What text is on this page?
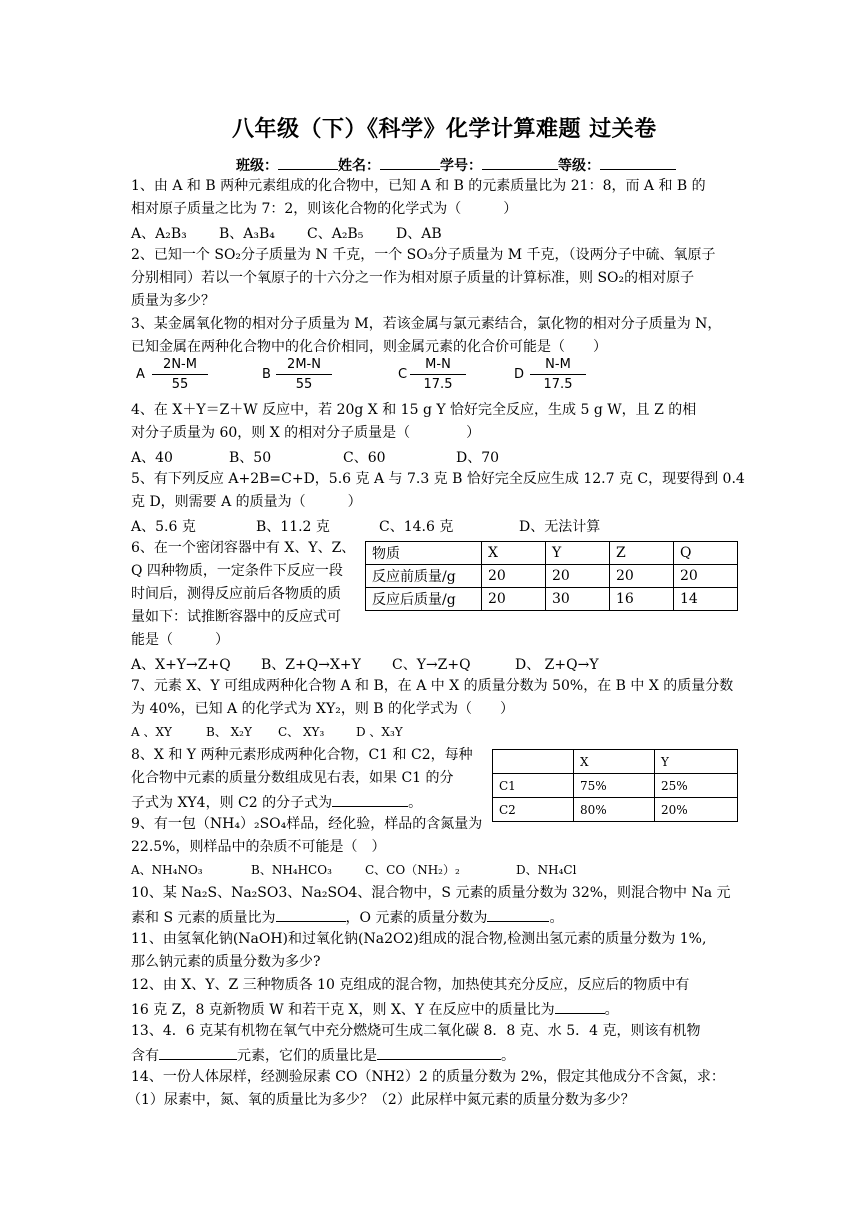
八年级（下）《科学》化学计算难题 过关卷
班级：	姓名：	学号：	等级：
1、由 A 和 B 两种元素组成的化合物中，已知 A 和 B 的元素质量比为 21：8，而 A 和 B 的
相对原子质量之比为 7：2，则该化合物的化学式为（　　　）
A、A₂B₃ B、A₃B₄ C、A₂B₅ D、AB
2、已知一个 SO₂分子质量为 N 千克，一个 SO₃分子质量为 M 千克，（设两分子中硫、氧原子
分别相同）若以一个氧原子的十六分之一作为相对原子质量的计算标准，则 SO₂的相对原子
质量为多少？
3、某金属氧化物的相对分子质量为 M，若该金属与氯元素结合，氯化物的相对分子质量为 N，
已知金属在两种化合物中的化合价相同，则金属元素的化合价可能是（　　）
A
2N-M
55
B
2M-N
55
C
M-N
17.5
D
N-M
17.5
4、在 X＋Y＝Z＋W 反应中，若 20g X 和 15 g Y 恰好完全反应，生成 5 g W，且 Z 的相
对分子质量为 60，则 X 的相对分子质量是（　　　　）
A、40	B、50	C、60	D、70
5、有下列反应 A+2B=C+D，5.6 克 A 与 7.3 克 B 恰好完全反应生成 12.7 克 C，现要得到 0.4
克 D，则需要 A 的质量为（　　　）
A、5.6 克	B、11.2 克	C、14.6 克	D、无法计算
6、在一个密闭容器中有 X、Y、Z、
Q 四种物质，一定条件下反应一段
时间后，测得反应前后各物质的质
量如下：试推断容器中的反应式可
能是（　　　）
物质	X	Y	Z	Q
反应前质量/g	20	20	20	20
反应后质量/g	20	30	16	14
A、X+Y→Z+Q B、Z+Q→X+Y C、Y→Z+Q	D、 Z+Q→Y
7、元素 X、Y 可组成两种化合物 A 和 B，在 A 中 X 的质量分数为 50%，在 B 中 X 的质量分数
为 40%，已知 A 的化学式为 XY₂，则 B 的化学式为（　　）
A 、XY	B、 X₂Y C、 XY₃	D 、X₃Y
8、X 和 Y 两种元素形成两种化合物，C1 和 C2，每种
化合物中元素的质量分数组成见右表，如果 C1 的分
子式为 XY4，则 C2 的分子式为	。
	X	Y
C1	75%	25%
C2	80%	20%
9、有一包（NH₄）₂SO₄样品，经化验，样品的含氮量为
22.5%，则样品中的杂质不可能是（　）
A、NH₄NO₃	B、NH₄HCO₃	C、CO（NH₂）₂	D、NH₄Cl
10、某 Na₂S、Na₂SO3、Na₂SO4、混合物中，S 元素的质量分数为 32%，则混合物中 Na 元
素和 S 元素的质量比为	，O 元素的质量分数为	。
11、由氢氧化钠(NaOH)和过氧化钠(Na2O2)组成的混合物,检测出氢元素的质量分数为 1%,
那么钠元素的质量分数为多少?
12、由 X、Y、Z 三种物质各 10 克组成的混合物，加热使其充分反应，反应后的物质中有
16 克 Z，8 克新物质 W 和若干克 X，则 X、Y 在反应中的质量比为	。
13、4．6 克某有机物在氧气中充分燃烧可生成二氧化碳 8．8 克、水 5．4 克，则该有机物
含有	元素，它们的质量比是	。
14、一份人体尿样，经测验尿素 CO（NH2）2 的质量分数为 2%，假定其他成分不含氮，求：
（1）尿素中，氮、氧的质量比为多少？（2）此尿样中氮元素的质量分数为多少？
